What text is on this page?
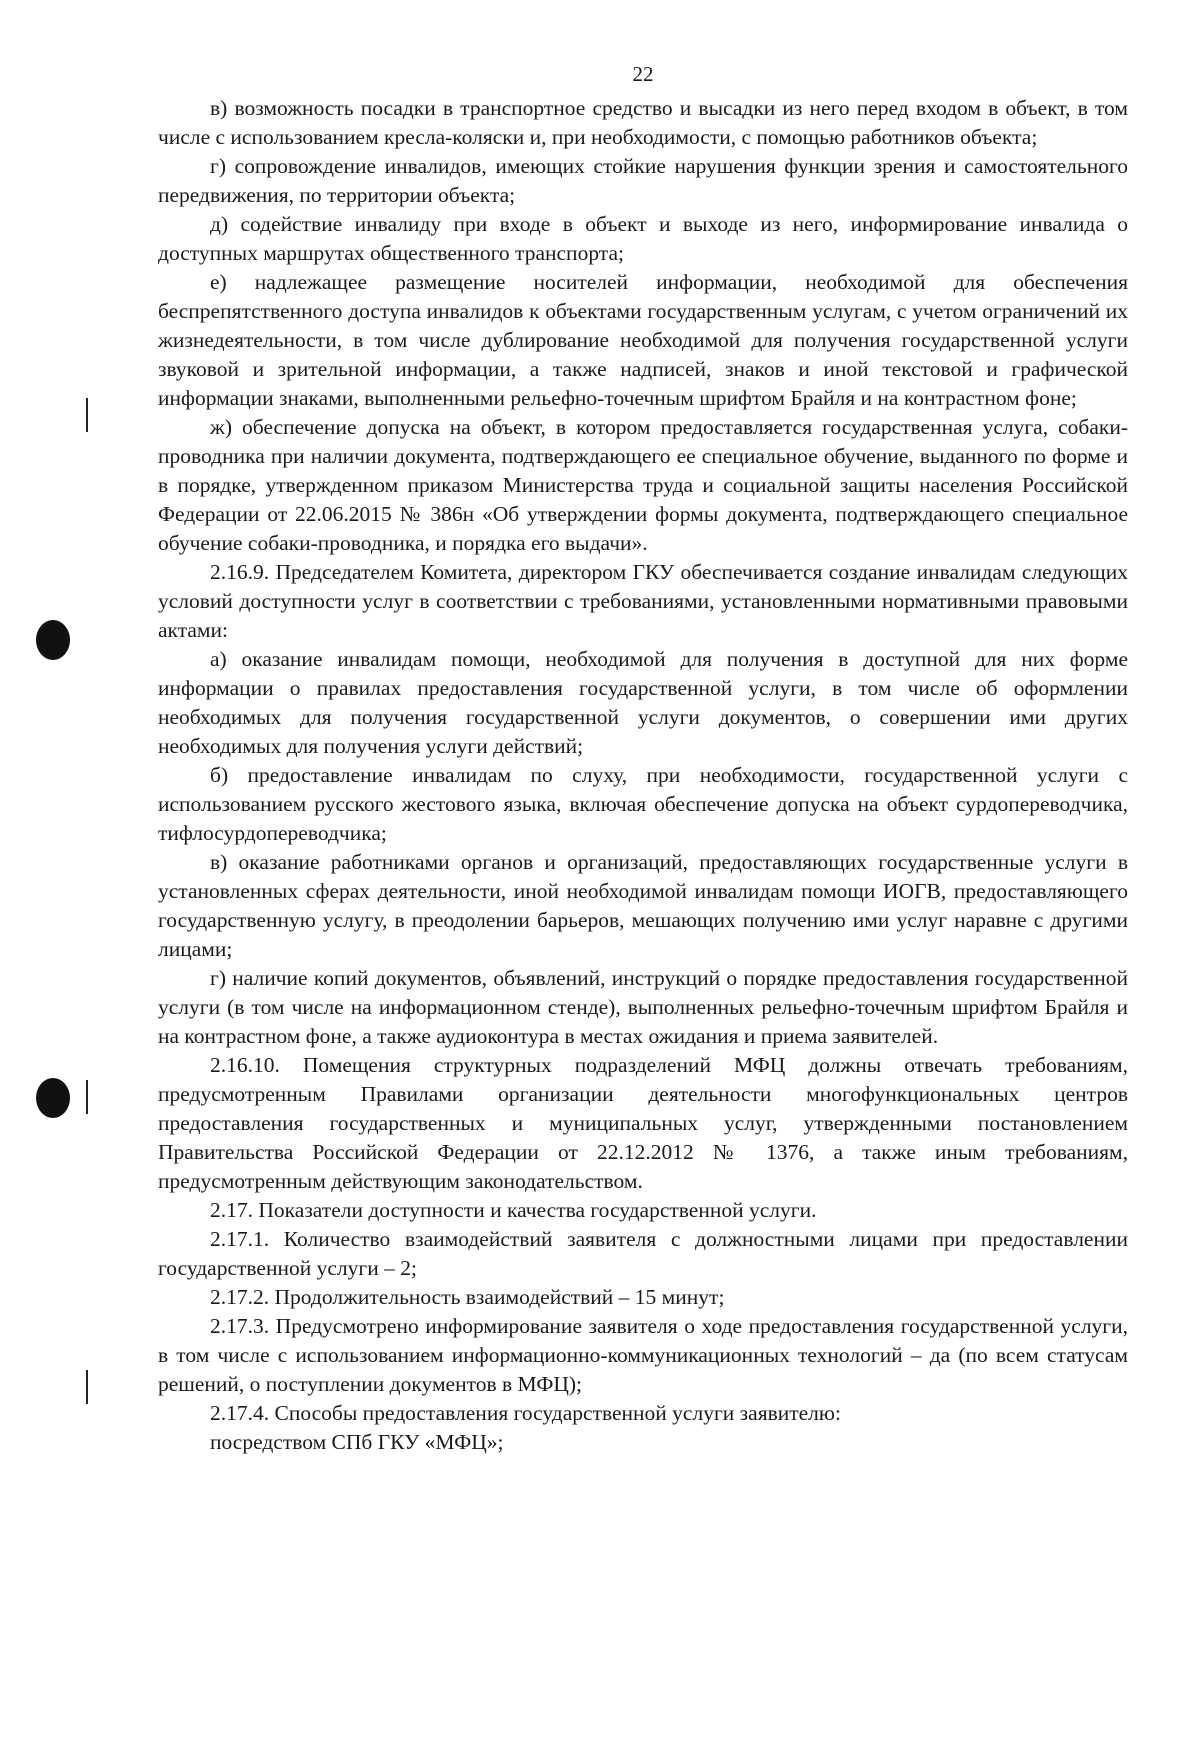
22

в) возможность посадки в транспортное средство и высадки из него перед входом в объект, в том числе с использованием кресла-коляски и, при необходимости, с помощью работников объекта;

г) сопровождение инвалидов, имеющих стойкие нарушения функции зрения и самостоятельного передвижения, по территории объекта;

д) содействие инвалиду при входе в объект и выходе из него, информирование инвалида о доступных маршрутах общественного транспорта;

е) надлежащее размещение носителей информации, необходимой для обеспечения беспрепятственного доступа инвалидов к объектами государственным услугам, с учетом ограничений их жизнедеятельности, в том числе дублирование необходимой для получения государственной услуги звуковой и зрительной информации, а также надписей, знаков и иной текстовой и графической информации знаками, выполненными рельефно-точечным шрифтом Брайля и на контрастном фоне;

ж) обеспечение допуска на объект, в котором предоставляется государственная услуга, собаки-проводника при наличии документа, подтверждающего ее специальное обучение, выданного по форме и в порядке, утвержденном приказом Министерства труда и социальной защиты населения Российской Федерации от 22.06.2015 № 386н «Об утверждении формы документа, подтверждающего специальное обучение собаки-проводника, и порядка его выдачи».

2.16.9. Председателем Комитета, директором ГКУ обеспечивается создание инвалидам следующих условий доступности услуг в соответствии с требованиями, установленными нормативными правовыми актами:

а) оказание инвалидам помощи, необходимой для получения в доступной для них форме информации о правилах предоставления государственной услуги, в том числе об оформлении необходимых для получения государственной услуги документов, о совершении ими других необходимых для получения услуги действий;

б) предоставление инвалидам по слуху, при необходимости, государственной услуги с использованием русского жестового языка, включая обеспечение допуска на объект сурдопереводчика, тифлосурдопереводчика;

в) оказание работниками органов и организаций, предоставляющих государственные услуги в установленных сферах деятельности, иной необходимой инвалидам помощи ИОГВ, предоставляющего государственную услугу, в преодолении барьеров, мешающих получению ими услуг наравне с другими лицами;

г) наличие копий документов, объявлений, инструкций о порядке предоставления государственной услуги (в том числе на информационном стенде), выполненных рельефно-точечным шрифтом Брайля и на контрастном фоне, а также аудиоконтура в местах ожидания и приема заявителей.

2.16.10. Помещения структурных подразделений МФЦ должны отвечать требованиям, предусмотренным Правилами организации деятельности многофункциональных центров предоставления государственных и муниципальных услуг, утвержденными постановлением Правительства Российской Федерации от 22.12.2012 № 1376, а также иным требованиям, предусмотренным действующим законодательством.

2.17. Показатели доступности и качества государственной услуги.

2.17.1. Количество взаимодействий заявителя с должностными лицами при предоставлении государственной услуги – 2;

2.17.2. Продолжительность взаимодействий – 15 минут;

2.17.3. Предусмотрено информирование заявителя о ходе предоставления государственной услуги, в том числе с использованием информационно-коммуникационных технологий – да (по всем статусам решений, о поступлении документов в МФЦ);

2.17.4. Способы предоставления государственной услуги заявителю:

посредством СПб ГКУ «МФЦ»;
